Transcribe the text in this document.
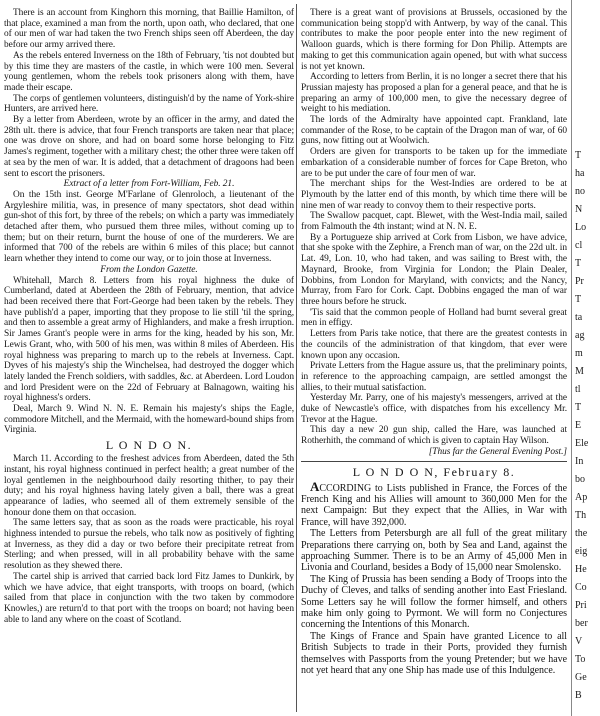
There is an account from Kinghorn this morning, that Baillie Hamilton, of that place, examined a man from the north, upon oath, who declared, that one of our men of war had taken the two French ships seen off Aberdeen, the day before our army arrived there.

As the rebels entered Inverness on the 18th of February, 'tis not doubted but by this time they are masters of the castle, in which were 100 men. Several young gentlemen, whom the rebels took prisoners along with them, have made their escape.

The corps of gentlemen volunteers, distinguish'd by the name of York-shire Hunters, are arrived here.

By a letter from Aberdeen, wrote by an officer in the army, and dated the 28th ult. there is advice, that four French transports are taken near that place; one was drove on shore, and had on board some horse belonging to Fitz James's regiment, together with a military chest; the other three were taken off at sea by the men of war. It is added, that a detachment of dragoons had been sent to escort the prisoners.

Extract of a letter from Fort-William, Feb. 21.

On the 15th inst. George M'Farlane of Glenroloch, a lieutenant of the Argyleshire militia, was, in presence of many spectators, shot dead within gun-shot of this fort, by three of the rebels; on which a party was immediately detached after them, who pursued them three miles, without coming up to them; but on their return, burnt the house of one of the murderers. We are informed that 700 of the rebels are within 6 miles of this place; but cannot learn whether they intend to come our way, or to join those at Inverness.

From the London Gazette.

Whitehall, March 8. Letters from his royal highness the duke of Cumberland, dated at Aberdeen the 28th of February, mention, that advice had been received there that Fort-George had been taken by the rebels. They have publish'd a paper, importing that they propose to lie still 'til the spring, and then to assemble a great army of Highlanders, and make a fresh irruption. Sir James Grant's people were in arms for the king, headed by his son, Mr. Lewis Grant, who, with 500 of his men, was within 8 miles of Aberdeen. His royal highness was preparing to march up to the rebels at Inverness. Capt. Dyves of his majesty's ship the Winchelsea, had destroyed the dogger which lately landed the French soldiers, with saddles, &c. at Aberdeen. Lord Loudon and lord President were on the 22d of February at Balnagown, waiting his royal highness's orders.

Deal, March 9. Wind N. N. E. Remain his majesty's ships the Eagle, commodore Mitchell, and the Mermaid, with the homeward-bound ships from Virginia.

L O N D O N.

March 11. According to the freshest advices from Aberdeen, dated the 5th instant, his royal highness continued in perfect health; a great number of the loyal gentlemen in the neighbourhood daily resorting thither, to pay their duty; and his royal highness having lately given a ball, there was a great appearance of ladies, who seemed all of them extremely sensible of the honour done them on that occasion.

The same letters say, that as soon as the roads were practicable, his royal highness intended to pursue the rebels, who talk now as positively of fighting at Inverness, as they did a day or two before their precipitate retreat from Sterling; and when pressed, will in all probability behave with the same resolution as they shewed there.

The cartel ship is arrived that carried back lord Fitz James to Dunkirk, by which we have advice, that eight transports, with troops on board, (which sailed from that place in conjunction with the two taken by commodore Knowles,) are return'd to that port with the troops on board; not having been able to land any where on the coast of Scotland.

There is a great want of provisions at Brussels, occasioned by the communication being stopp'd with Antwerp, by way of the canal. This contributes to make the poor people enter into the new regiment of Walloon guards, which is there forming for Don Philip. Attempts are making to get this communication again opened, but with what success is not yet known.

According to letters from Berlin, it is no longer a secret there that his Prussian majesty has proposed a plan for a general peace, and that he is preparing an army of 100,000 men, to give the necessary degree of weight to his mediation.

The lords of the Admiralty have appointed capt. Frankland, late commander of the Rose, to be captain of the Dragon man of war, of 60 guns, now fitting out at Woolwich.

Orders are given for transports to be taken up for the immediate embarkation of a considerable number of forces for Cape Breton, who are to be put under the care of four men of war.

The merchant ships for the West-Indies are ordered to be at Plymouth by the latter end of this month, by which time there will be nine men of war ready to convoy them to their respective ports.

The Swallow pacquet, capt. Blewet, with the West-India mail, sailed from Falmouth the 4th instant; wind at N. N. E.

By a Portugueze ship arrived at Cork from Lisbon, we have advice, that she spoke with the Zephire, a French man of war, on the 22d ult. in Lat. 49, Lon. 10, who had taken, and was sailing to Brest with, the Maynard, Brooke, from Virginia for London; the Plain Dealer, Dobbins, from London for Maryland, with convicts; and the Nancy, Murray, from Faro for Cork. Capt. Dobbins engaged the man of war three hours before he struck.

'Tis said that the common people of Holland had burnt several great men in effigy.

Letters from Paris take notice, that there are the greatest contests in the councils of the administration of that kingdom, that ever were known upon any occasion.

Private Letters from the Hague assure us, that the preliminary points, in reference to the approaching campaign, are settled amongst the allies, to their mutual satisfaction.

Yesterday Mr. Parry, one of his majesty's messengers, arrived at the duke of Newcastle's office, with dispatches from his excellency Mr. Trevor at the Hague.

This day a new 20 gun ship, called the Hare, was launched at Rotherhith, the command of which is given to captain Hay Wilson.

[Thus far the General Evening Post.]

L O N D O N, February 8.

ACCORDING to Lists published in France, the Forces of the French King and his Allies will amount to 360,000 Men for the next Campaign: But they expect that the Allies, in War with France, will have 392,000.

The Letters from Petersburgh are all full of the great military Preparations there carrying on, both by Sea and Land, against the approaching Summer. There is to be an Army of 45,000 Men in Livonia and Courland, besides a Body of 15,000 near Smolensko.

The King of Prussia has been sending a Body of Troops into the Duchy of Cleves, and talks of sending another into East Friesland. Some Letters say he will follow the former himself, and others make him only going to Pyrmont. We will form no Conjectures concerning the Intentions of this Monarch.

The Kings of France and Spain have granted Licence to all British Subjects to trade in their Ports, provided they furnish themselves with Passports from the young Pretender; but we have not yet heard that any one Ship has made use of this Indulgence.

T
ha
no
N
Lo
cl
T
Pr
T
ta
ag
m
M
tl
T
E
Ele
In
bo
Ap
Th
the
eig
He
Co
Pri
ber
V
To
Ge
B
